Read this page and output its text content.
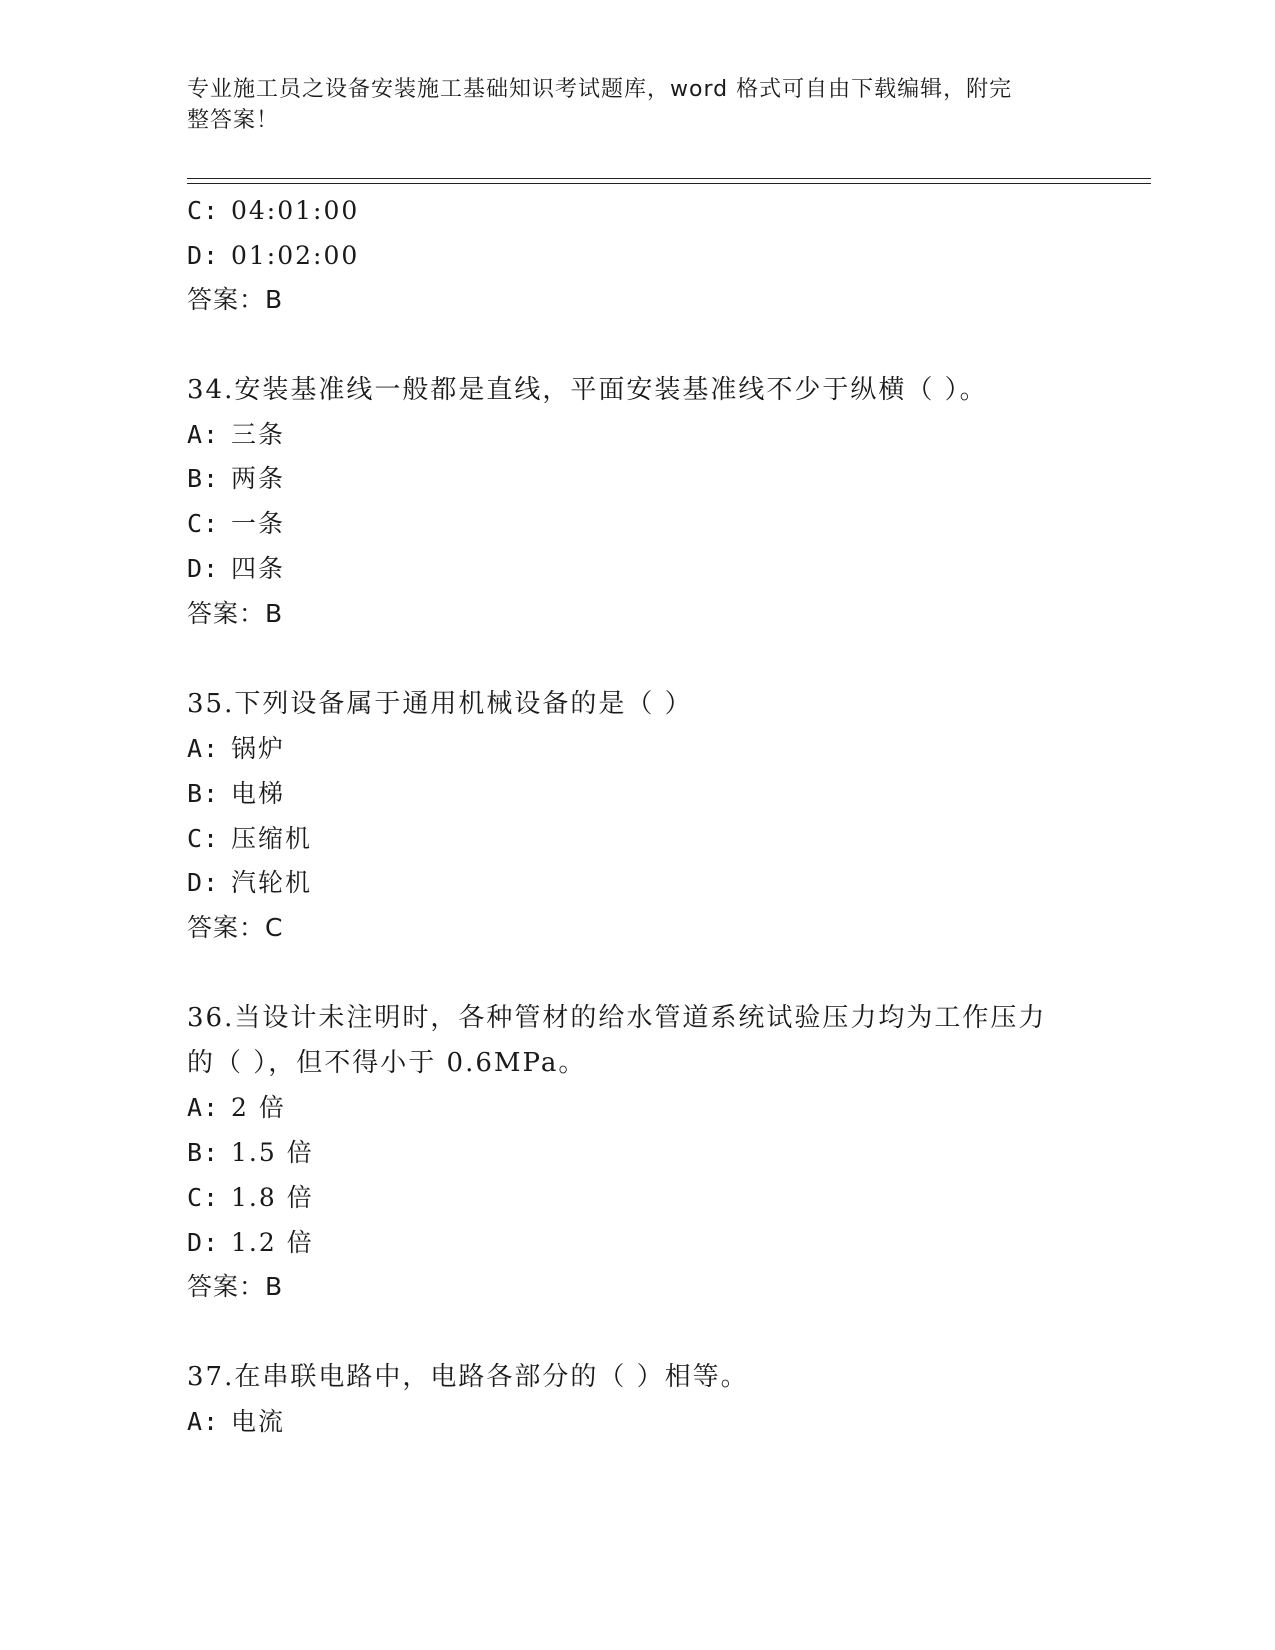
专业施工员之设备安装施工基础知识考试题库，word 格式可自由下载编辑，附完
整答案！
C: 04:01:00
D: 01:02:00
答案：B
34.安装基准线一般都是直线，平面安装基准线不少于纵横（ ）。
A: 三条
B: 两条
C: 一条
D: 四条
答案：B
35.下列设备属于通用机械设备的是（ ）
A: 锅炉
B: 电梯
C: 压缩机
D: 汽轮机
答案：C
36.当设计未注明时，各种管材的给水管道系统试验压力均为工作压力
的（ ），但不得小于 0.6MPa。
A: 2 倍
B: 1.5 倍
C: 1.8 倍
D: 1.2 倍
答案：B
37.在串联电路中，电路各部分的（ ）相等。
A: 电流
